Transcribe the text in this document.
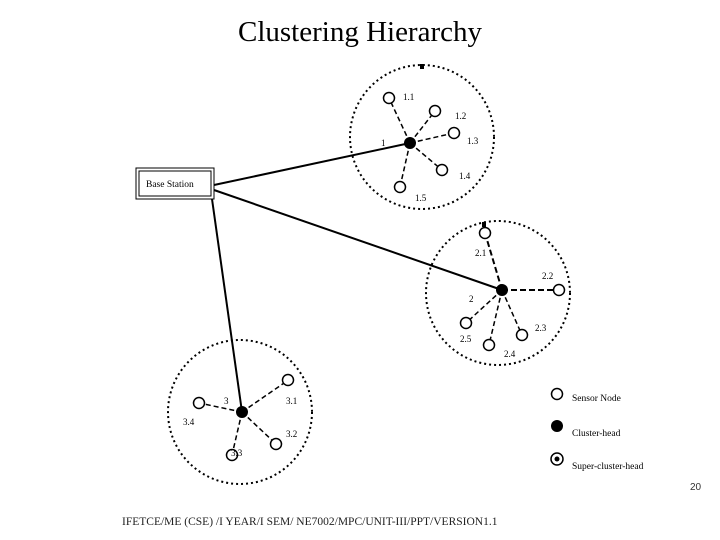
Clustering Hierarchy
Base Station
1
1.1
1.2
1.3
1.4
1.5
2
2.1
2.2
2.3
2.4
2.5
3	3.1
3.2
3.3
3.4
Sensor Node
Cluster-head
Super-cluster-head
IFETCE/ME (CSE) /I YEAR/I SEM/ NE7002/MPC/UNIT-III/PPT/VERSION1.1
20
